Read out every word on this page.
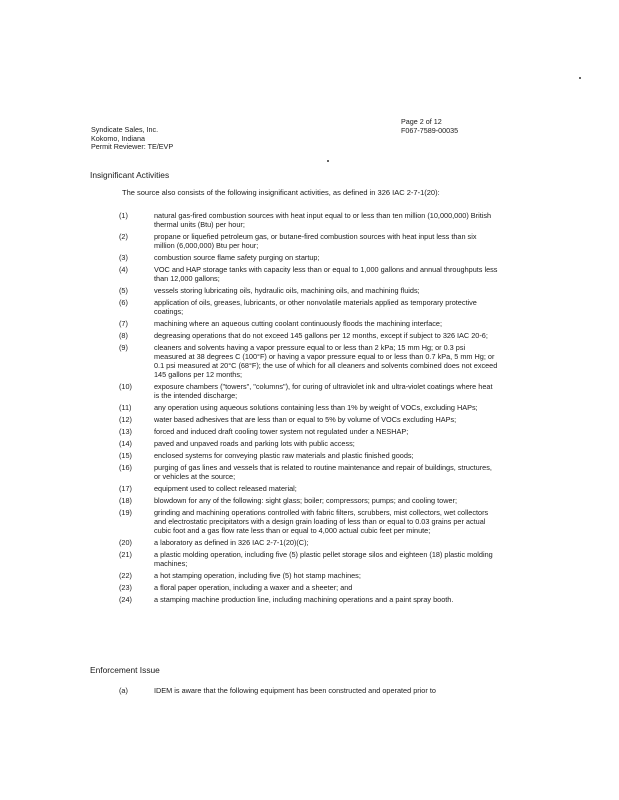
Syndicate Sales, Inc.
Kokomo, Indiana
Permit Reviewer: TE/EVP
Page 2 of 12
F067-7589-00035
Insignificant Activities
The source also consists of the following insignificant activities, as defined in 326 IAC 2-7-1(20):
(1)	natural gas-fired combustion sources with heat input equal to or less than ten million (10,000,000) British thermal units (Btu) per hour;
(2)	propane or liquefied petroleum gas, or butane-fired combustion sources with heat input less than six million (6,000,000) Btu per hour;
(3)	combustion source flame safety purging on startup;
(4)	VOC and HAP storage tanks with capacity less than or equal to 1,000 gallons and annual throughputs less than 12,000 gallons;
(5)	vessels storing lubricating oils, hydraulic oils, machining oils, and machining fluids;
(6)	application of oils, greases, lubricants, or other nonvolatile materials applied as temporary protective coatings;
(7)	machining where an aqueous cutting coolant continuously floods the machining interface;
(8)	degreasing operations that do not exceed 145 gallons per 12 months, except if subject to 326 IAC 20-6;
(9)	cleaners and solvents having a vapor pressure equal to or less than 2 kPa; 15 mm Hg; or 0.3 psi measured at 38 degrees C (100°F) or having a vapor pressure equal to or less than 0.7 kPa, 5 mm Hg; or 0.1 psi measured at 20°C (68°F); the use of which for all cleaners and solvents combined does not exceed 145 gallons per 12 months;
(10)	exposure chambers ("towers", "columns"), for curing of ultraviolet ink and ultra-violet coatings where heat is the intended discharge;
(11)	any operation using aqueous solutions containing less than 1% by weight of VOCs, excluding HAPs;
(12)	water based adhesives that are less than or equal to 5% by volume of VOCs excluding HAPs;
(13)	forced and induced draft cooling tower system not regulated under a NESHAP;
(14)	paved and unpaved roads and parking lots with public access;
(15)	enclosed systems for conveying plastic raw materials and plastic finished goods;
(16)	purging of gas lines and vessels that is related to routine maintenance and repair of buildings, structures, or vehicles at the source;
(17)	equipment used to collect released material;
(18)	blowdown for any of the following: sight glass; boiler; compressors; pumps; and cooling tower;
(19)	grinding and machining operations controlled with fabric filters, scrubbers, mist collectors, wet collectors and electrostatic precipitators with a design grain loading of less than or equal to 0.03 grains per actual cubic foot and a gas flow rate less than or equal to 4,000 actual cubic feet per minute;
(20)	a laboratory as defined in 326 IAC 2-7-1(20)(C);
(21)	a plastic molding operation, including five (5) plastic pellet storage silos and eighteen (18) plastic molding machines;
(22)	a hot stamping operation, including five (5) hot stamp machines;
(23)	a floral paper operation, including a waxer and a sheeter; and
(24)	a stamping machine production line, including machining operations and a paint spray booth.
Enforcement Issue
(a)	IDEM is aware that the following equipment has been constructed and operated prior to
